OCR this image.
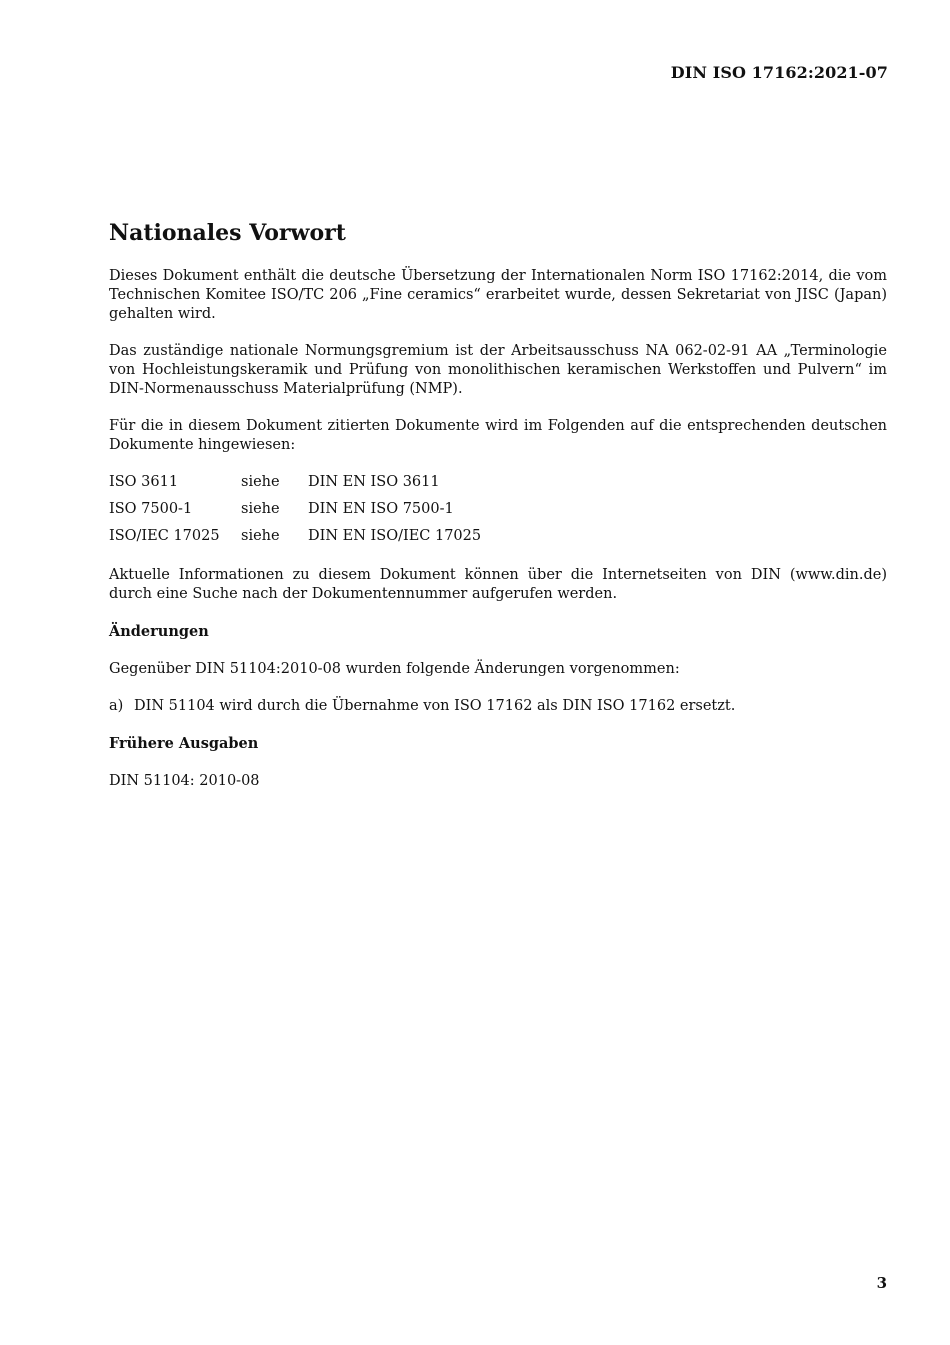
DIN ISO 17162:2021-07
Nationales Vorwort

Dieses Dokument enthält die deutsche Übersetzung der Internationalen Norm ISO 17162:2014, die vom Technischen Komitee ISO/TC 206 „Fine ceramics“ erarbeitet wurde, dessen Sekretariat von JISC (Japan) gehalten wird.

Das zuständige nationale Normungsgremium ist der Arbeitsausschuss NA 062-02-91 AA „Terminologie von Hochleistungskeramik und Prüfung von monolithischen keramischen Werkstoffen und Pulvern“ im DIN-Normenausschuss Materialprüfung (NMP).

Für die in diesem Dokument zitierten Dokumente wird im Folgenden auf die entsprechenden deutschen Dokumente hingewiesen:

ISO 3611	siehe	DIN EN ISO 3611
ISO 7500-1	siehe	DIN EN ISO 7500-1
ISO/IEC 17025	siehe	DIN EN ISO/IEC 17025

Aktuelle Informationen zu diesem Dokument können über die Internetseiten von DIN (www.din.de) durch eine Suche nach der Dokumentennummer aufgerufen werden.

Änderungen

Gegenüber DIN 51104:2010-08 wurden folgende Änderungen vorgenommen:

a) DIN 51104 wird durch die Übernahme von ISO 17162 als DIN ISO 17162 ersetzt.
Frühere Ausgaben

DIN 51104: 2010-08

3
